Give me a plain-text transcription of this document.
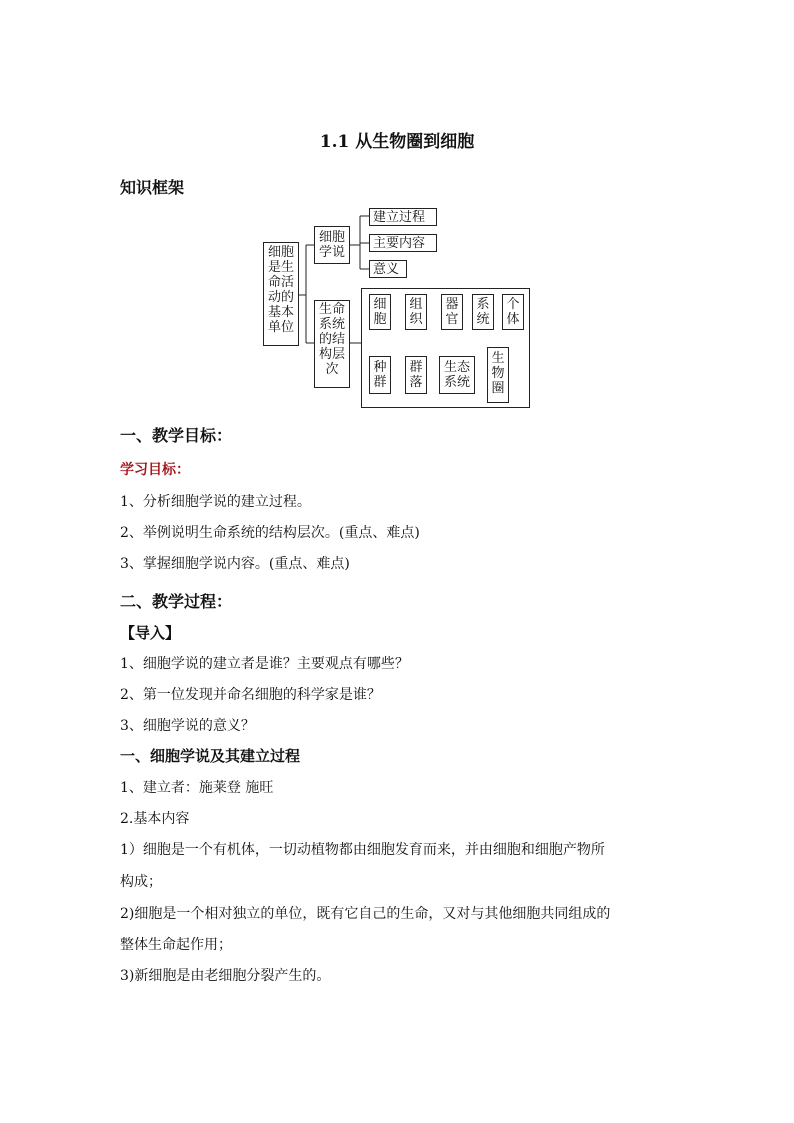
1.1 从生物圈到细胞
知识框架
细胞是生命活动的基本单位
细胞学说
建立过程
主要内容
意义
生命系统的结构层次
细胞
组织
器官
系统
个体
种群
群落
生态系统
生物圈
一、教学目标：
学习目标：
1、分析细胞学说的建立过程。
2、举例说明生命系统的结构层次。(重点、难点)
3、掌握细胞学说内容。(重点、难点)
二、教学过程：
【导入】
1、细胞学说的建立者是谁？主要观点有哪些？
2、第一位发现并命名细胞的科学家是谁？
3、细胞学说的意义？
一、细胞学说及其建立过程
1、建立者：施莱登 施旺
2.基本内容
1）细胞是一个有机体，一切动植物都由细胞发育而来，并由细胞和细胞产物所
构成；
2)细胞是一个相对独立的单位，既有它自己的生命，又对与其他细胞共同组成的
整体生命起作用；
3)新细胞是由老细胞分裂产生的。
